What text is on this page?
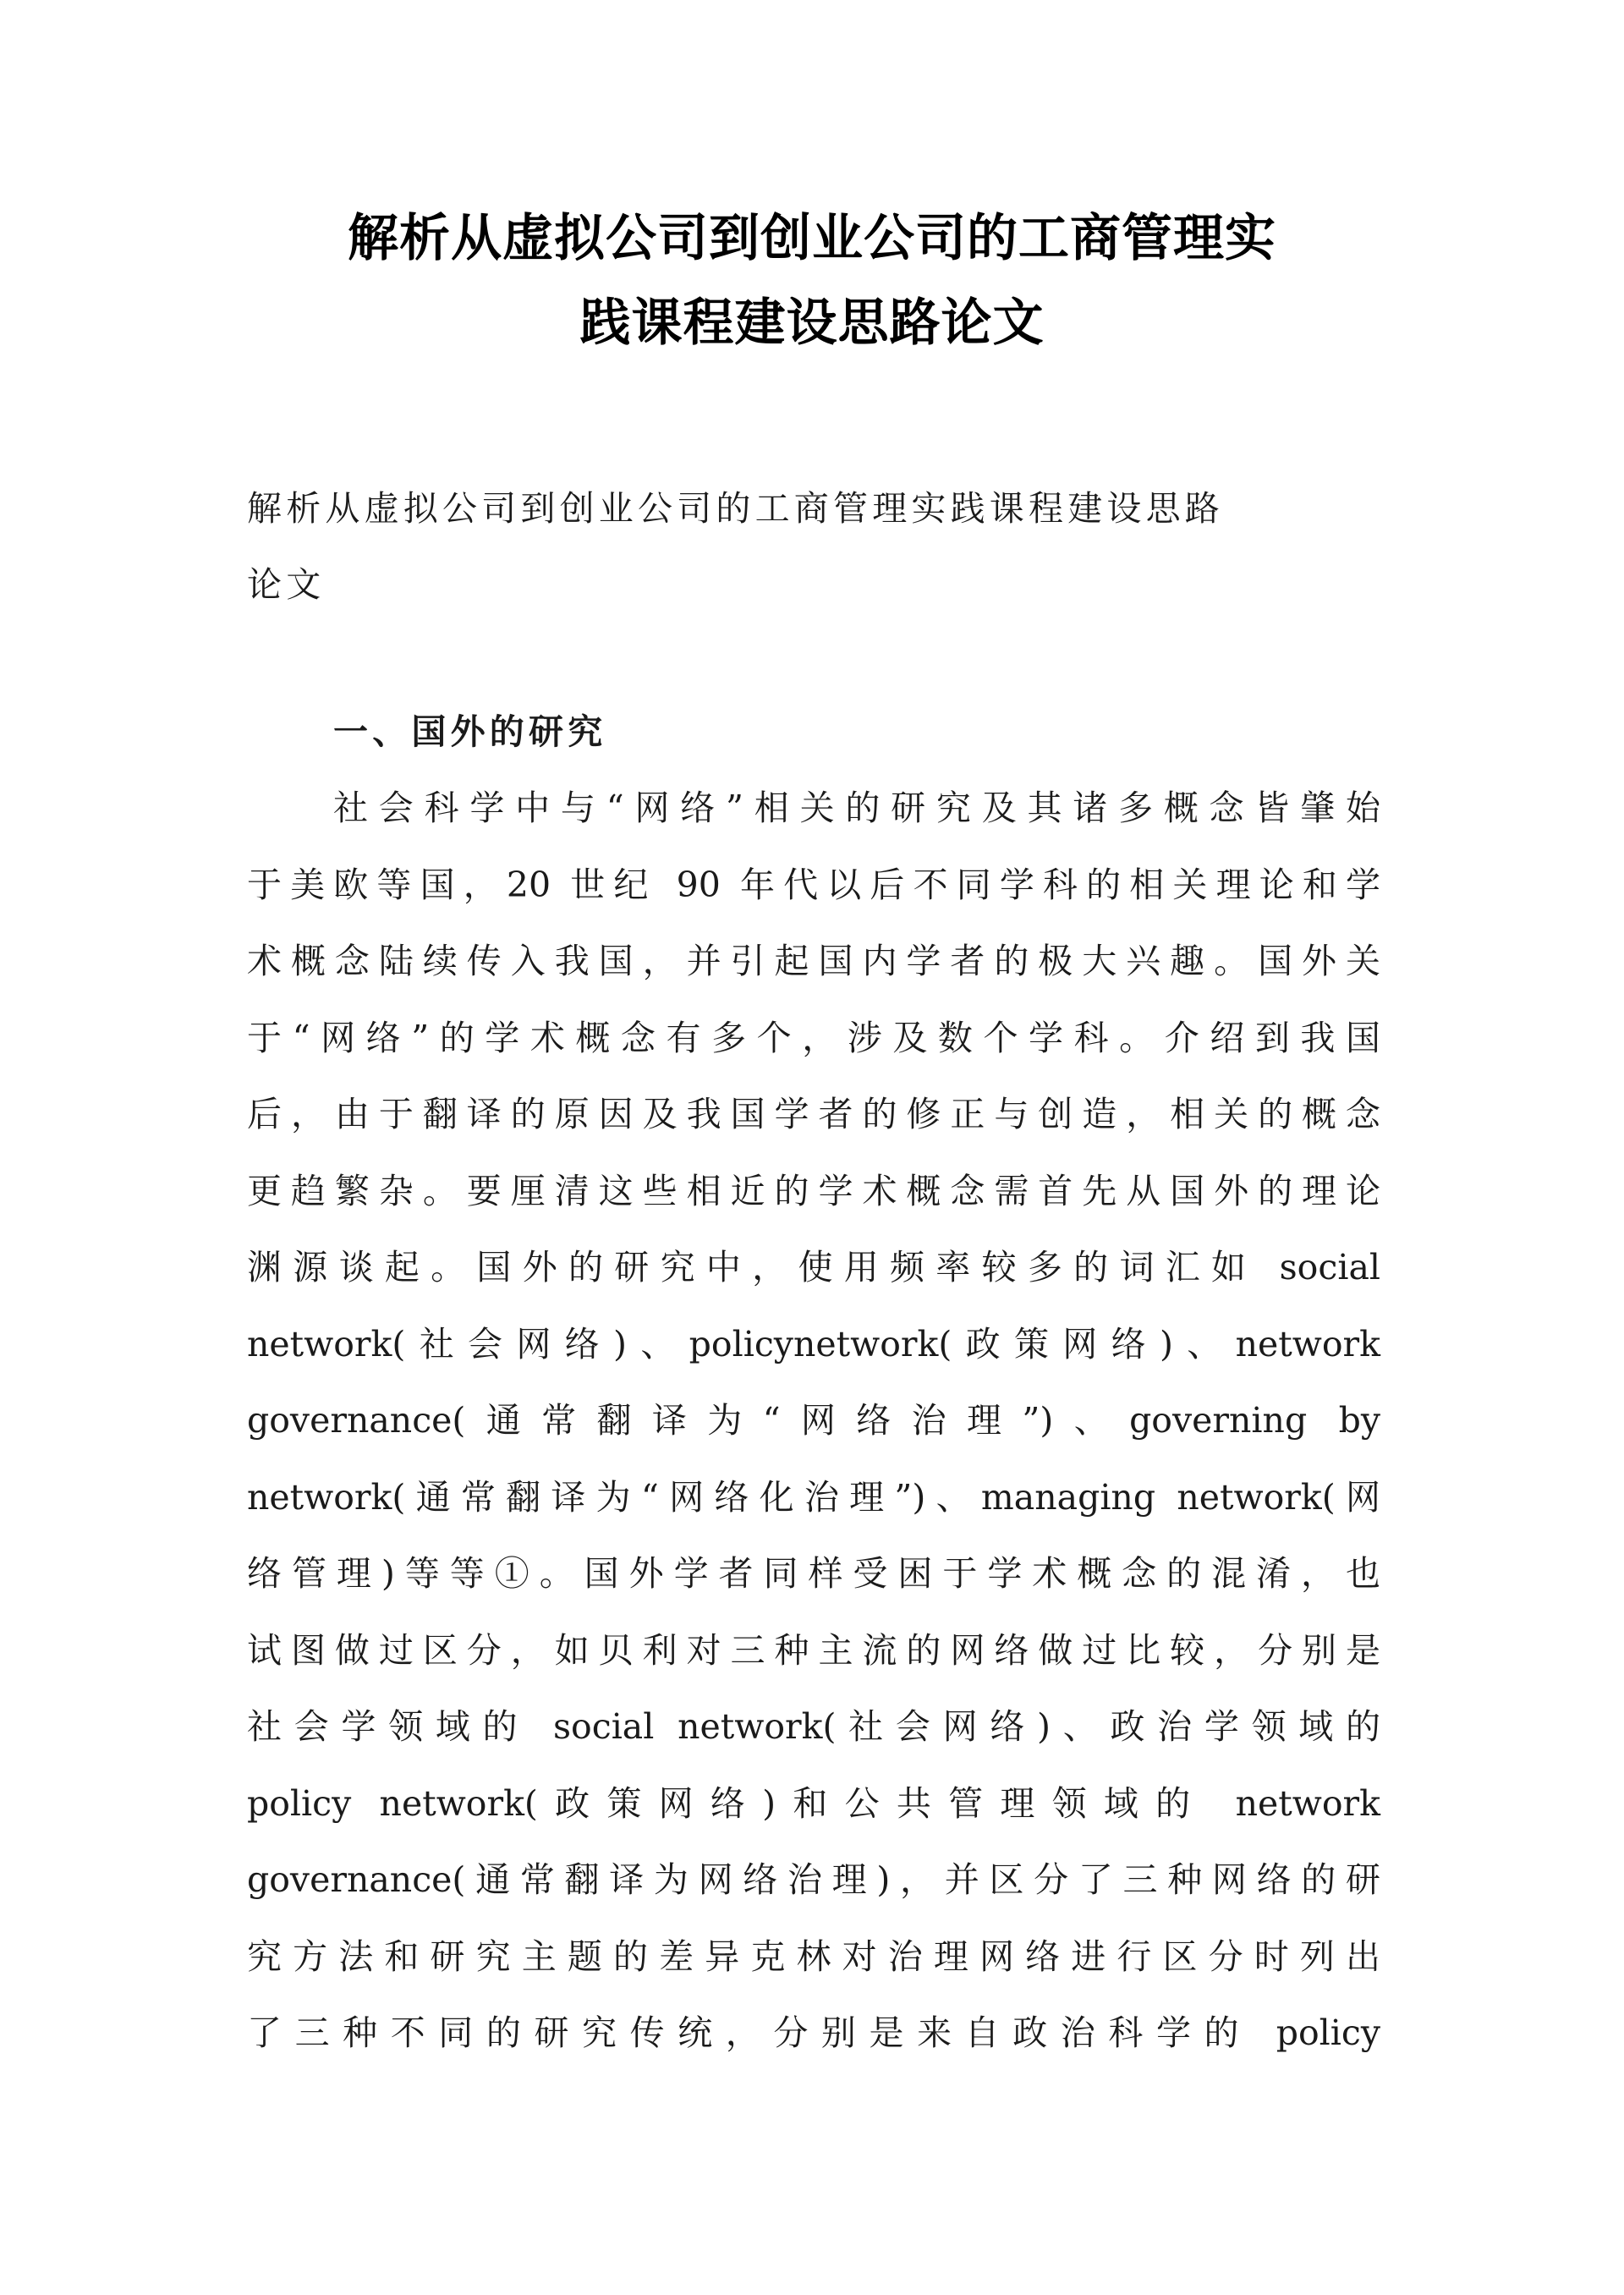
解析从虚拟公司到创业公司的工商管理实
践课程建设思路论文

解析从虚拟公司到创业公司的工商管理实践课程建设思路
论文

一、国外的研究
社会科学中与“网络”相关的研究及其诸多概念皆肇始
于美欧等国，20 世纪 90 年代以后不同学科的相关理论和学
术概念陆续传入我国，并引起国内学者的极大兴趣。国外关
于“网络”的学术概念有多个，涉及数个学科。介绍到我国
后，由于翻译的原因及我国学者的修正与创造，相关的概念
更趋繁杂。要厘清这些相近的学术概念需首先从国外的理论
渊源谈起。国外的研究中，使用频率较多的词汇如 social
network(社会网络)、policynetwork(政策网络)、network
governance(通常翻译为“网络治理”)、governing by
network(通常翻译为“网络化治理”)、managing network(网
络管理)等等①。国外学者同样受困于学术概念的混淆，也
试图做过区分，如贝利对三种主流的网络做过比较，分别是
社会学领域的 social network(社会网络)、政治学领域的
policy network(政策网络)和公共管理领域的 network
governance(通常翻译为网络治理)，并区分了三种网络的研
究方法和研究主题的差异克林对治理网络进行区分时列出
了三种不同的研究传统，分别是来自政治科学的 policy
